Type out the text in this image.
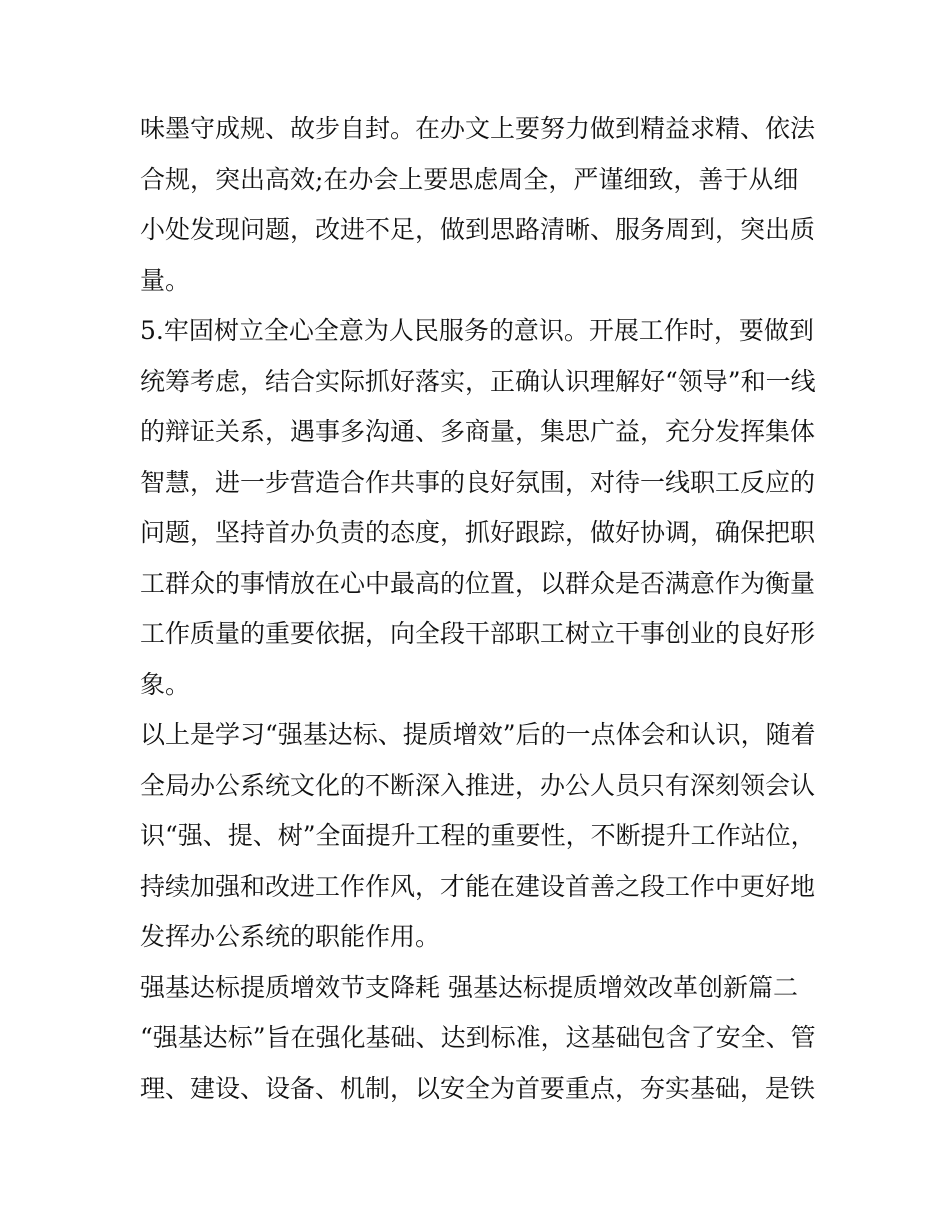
味墨守成规、故步自封。在办文上要努力做到精益求精、依法
合规，突出高效;在办会上要思虑周全，严谨细致，善于从细
小处发现问题，改进不足，做到思路清晰、服务周到，突出质
量。
5.牢固树立全心全意为人民服务的意识。开展工作时，要做到
统筹考虑，结合实际抓好落实，正确认识理解好“领导”和一线
的辩证关系，遇事多沟通、多商量，集思广益，充分发挥集体
智慧，进一步营造合作共事的良好氛围，对待一线职工反应的
问题，坚持首办负责的态度，抓好跟踪，做好协调，确保把职
工群众的事情放在心中最高的位置，以群众是否满意作为衡量
工作质量的重要依据，向全段干部职工树立干事创业的良好形
象。
以上是学习“强基达标、提质增效”后的一点体会和认识，随着
全局办公系统文化的不断深入推进，办公人员只有深刻领会认
识“强、提、树”全面提升工程的重要性，不断提升工作站位，
持续加强和改进工作作风，才能在建设首善之段工作中更好地
发挥办公系统的职能作用。
强基达标提质增效节支降耗 强基达标提质增效改革创新篇二
“强基达标”旨在强化基础、达到标准，这基础包含了安全、管
理、建设、设备、机制，以安全为首要重点，夯实基础，是铁
